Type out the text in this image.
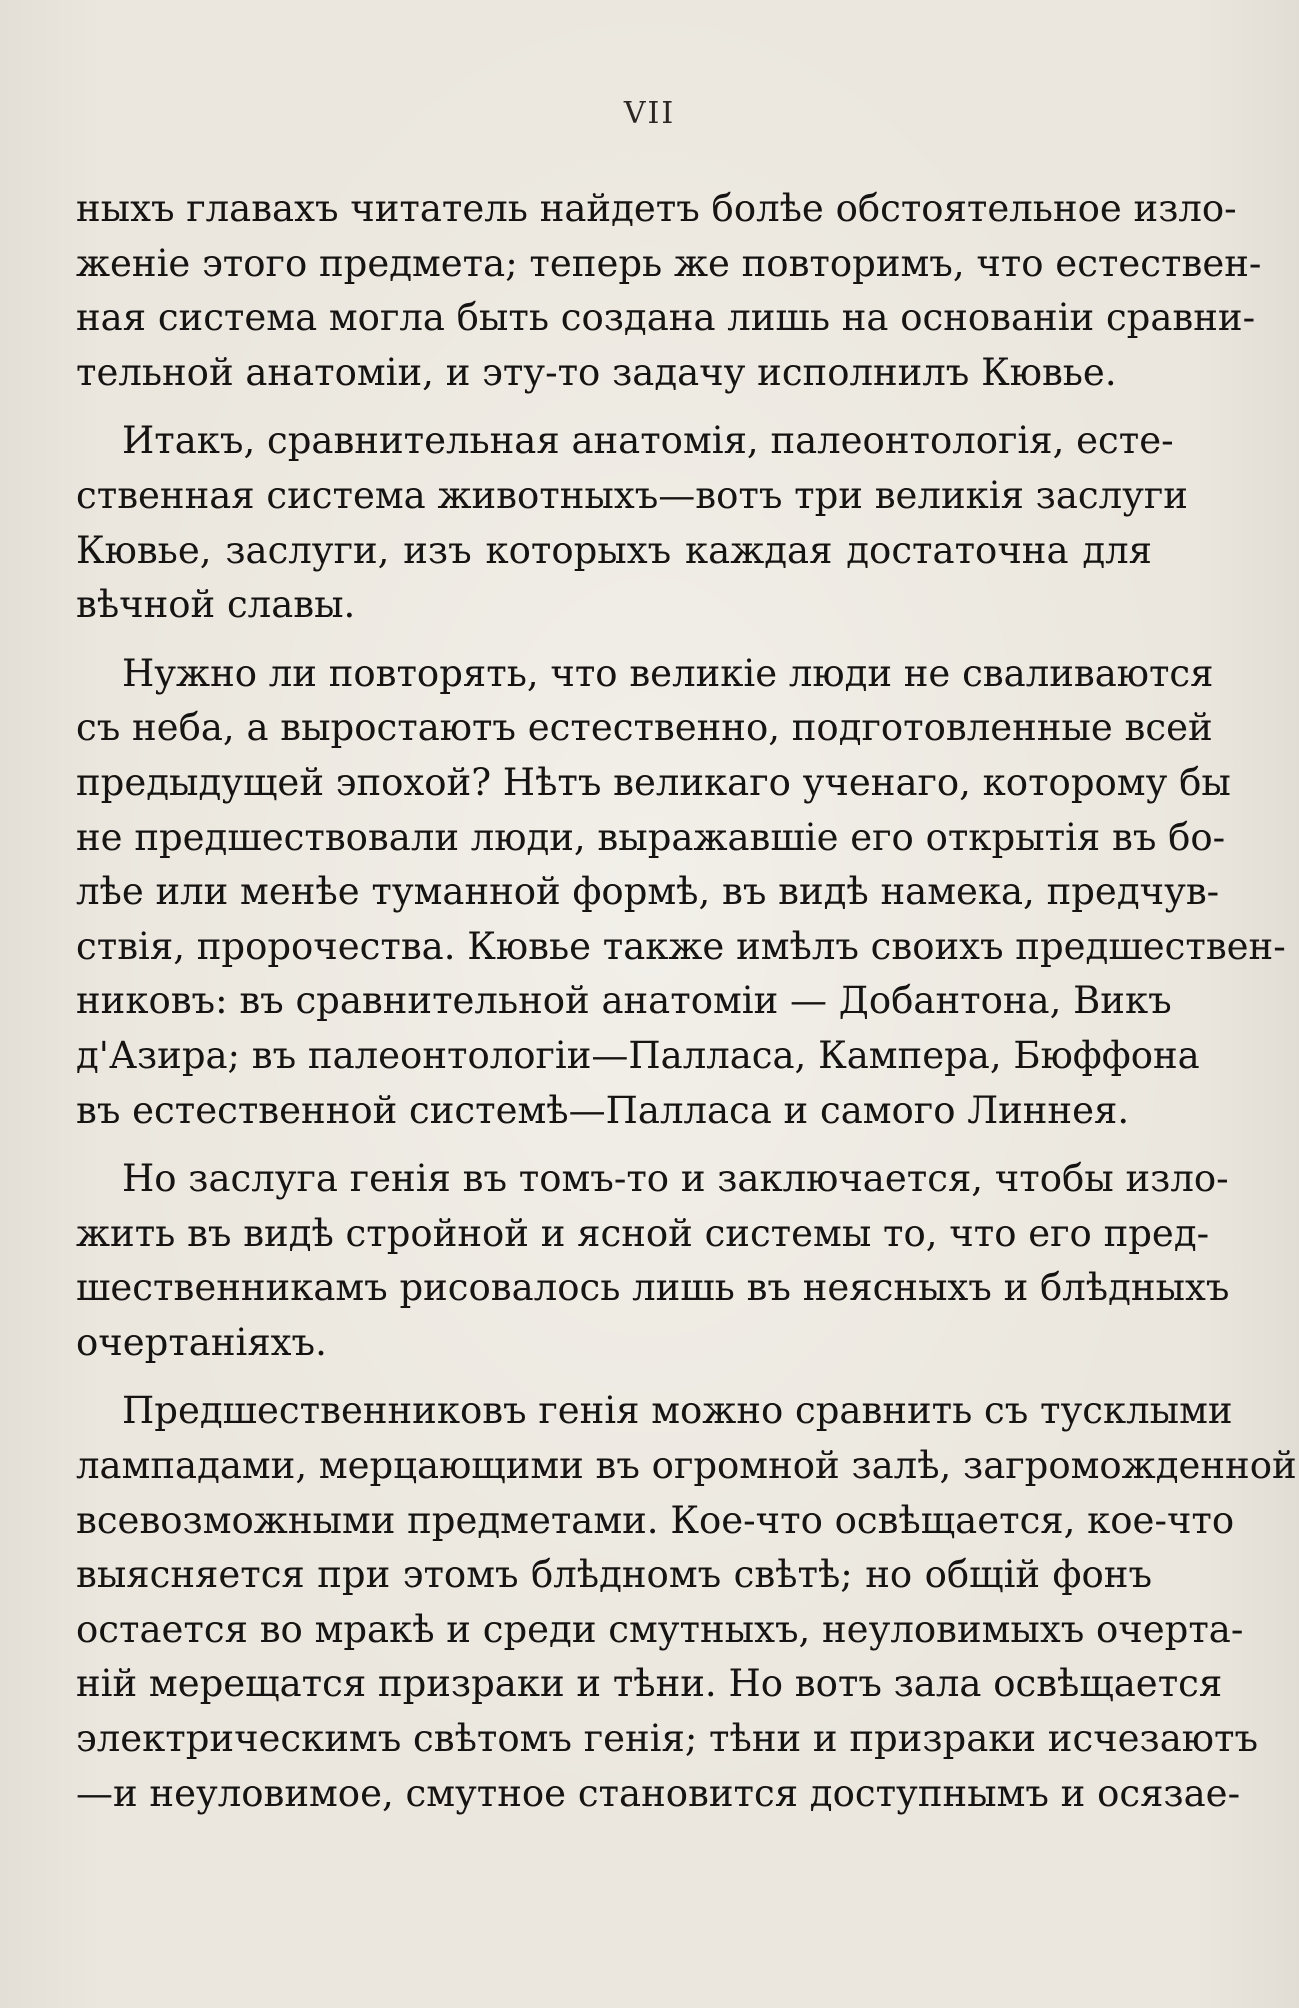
VII
ныхъ главахъ читатель найдетъ болѣе обстоятельное изло-
женіе этого предмета; теперь же повторимъ, что естествен-
ная система могла быть создана лишь на основаніи сравни-
тельной анатоміи, и эту-то задачу исполнилъ Кювье.
Итакъ, сравнительная анатомія, палеонтологія, есте-
ственная система животныхъ—вотъ три великія заслуги
Кювье, заслуги, изъ которыхъ каждая достаточна для
вѣчной славы.
Нужно ли повторять, что великіе люди не сваливаются
съ неба, а выростаютъ естественно, подготовленные всей
предыдущей эпохой? Нѣтъ великаго ученаго, которому бы
не предшествовали люди, выражавшіе его открытія въ бо-
лѣе или менѣе туманной формѣ, въ видѣ намека, предчув-
ствія, пророчества. Кювье также имѣлъ своихъ предшествен-
никовъ: въ сравнительной анатоміи — Добантона, Викъ
д'Азира; въ палеонтологіи—Палласа, Кампера, Бюффона
въ естественной системѣ—Палласа и самого Линнея.
Но заслуга генія въ томъ-то и заключается, чтобы изло-
жить въ видѣ стройной и ясной системы то, что его пред-
шественникамъ рисовалось лишь въ неясныхъ и блѣдныхъ
очертаніяхъ.
Предшественниковъ генія можно сравнить съ тусклыми
лампадами, мерцающими въ огромной залѣ, загроможденной
всевозможными предметами. Кое-что освѣщается, кое-что
выясняется при этомъ блѣдномъ свѣтѣ; но общій фонъ
остается во мракѣ и среди смутныхъ, неуловимыхъ очерта-
ній мерещатся призраки и тѣни. Но вотъ зала освѣщается
электрическимъ свѣтомъ генія; тѣни и призраки исчезаютъ
—и неуловимое, смутное становится доступнымъ и осязае-
